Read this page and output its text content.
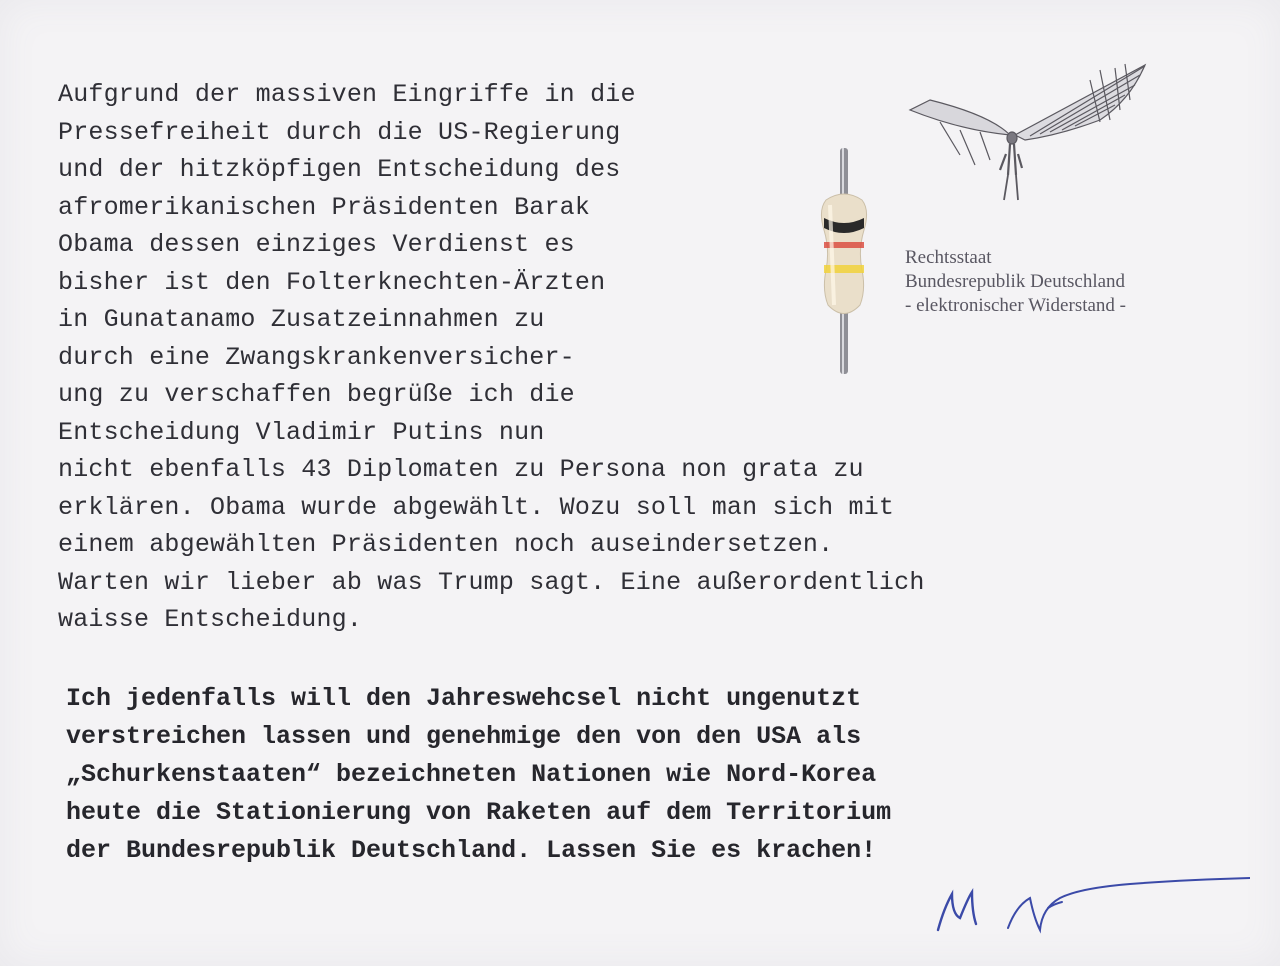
Aufgrund der massiven Eingriffe in die
Pressefreiheit durch die US-Regierung
und der hitzköpfigen Entscheidung des
afromerikanischen Präsidenten Barak
Obama dessen einziges Verdienst es
bisher ist den Folterknechten-Ärzten
in Gunatanamo Zusatzeinnahmen zu
durch eine Zwangskrankenversicher-
ung zu verschaffen begrüße ich die
Entscheidung Vladimir Putins nun
nicht ebenfalls 43 Diplomaten zu Persona non grata zu
erklären. Obama wurde abgewählt. Wozu soll man sich mit
einem abgewählten Präsidenten noch auseindersetzen.
Warten wir lieber ab was Trump sagt. Eine außerordentlich
waisse Entscheidung.
Rechtsstaat
Bundesrepublik Deutschland
- elektronischer Widerstand -
Ich jedenfalls will den Jahreswehcsel nicht ungenutzt
verstreichen lassen und genehmige den von den USA als
„Schurkenstaaten“ bezeichneten Nationen wie Nord-Korea
heute die Stationierung von Raketen auf dem Territorium
der Bundesrepublik Deutschland. Lassen Sie es krachen!
